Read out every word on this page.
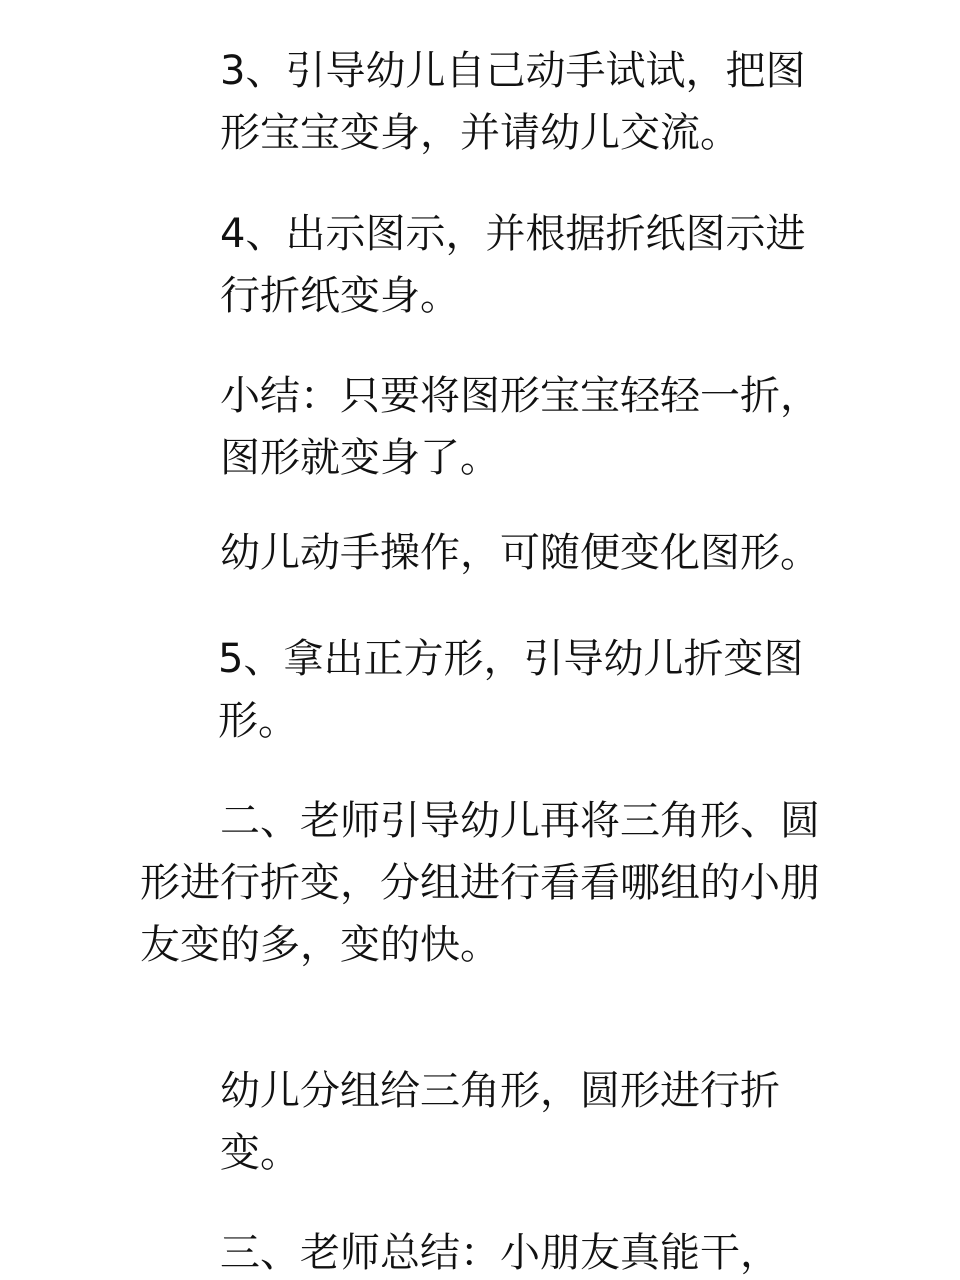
3、引导幼儿自己动手试试，把图形宝宝变身，并请幼儿交流。

4、出示图示，并根据折纸图示进行折纸变身。

小结：只要将图形宝宝轻轻一折，图形就变身了。

幼儿动手操作，可随便变化图形。

5、拿出正方形，引导幼儿折变图形。

二、老师引导幼儿再将三角形、圆形进行折变，分组进行看看哪组的小朋友变的多，变的快。

幼儿分组给三角形，圆形进行折变。

三、老师总结：小朋友真能干，
